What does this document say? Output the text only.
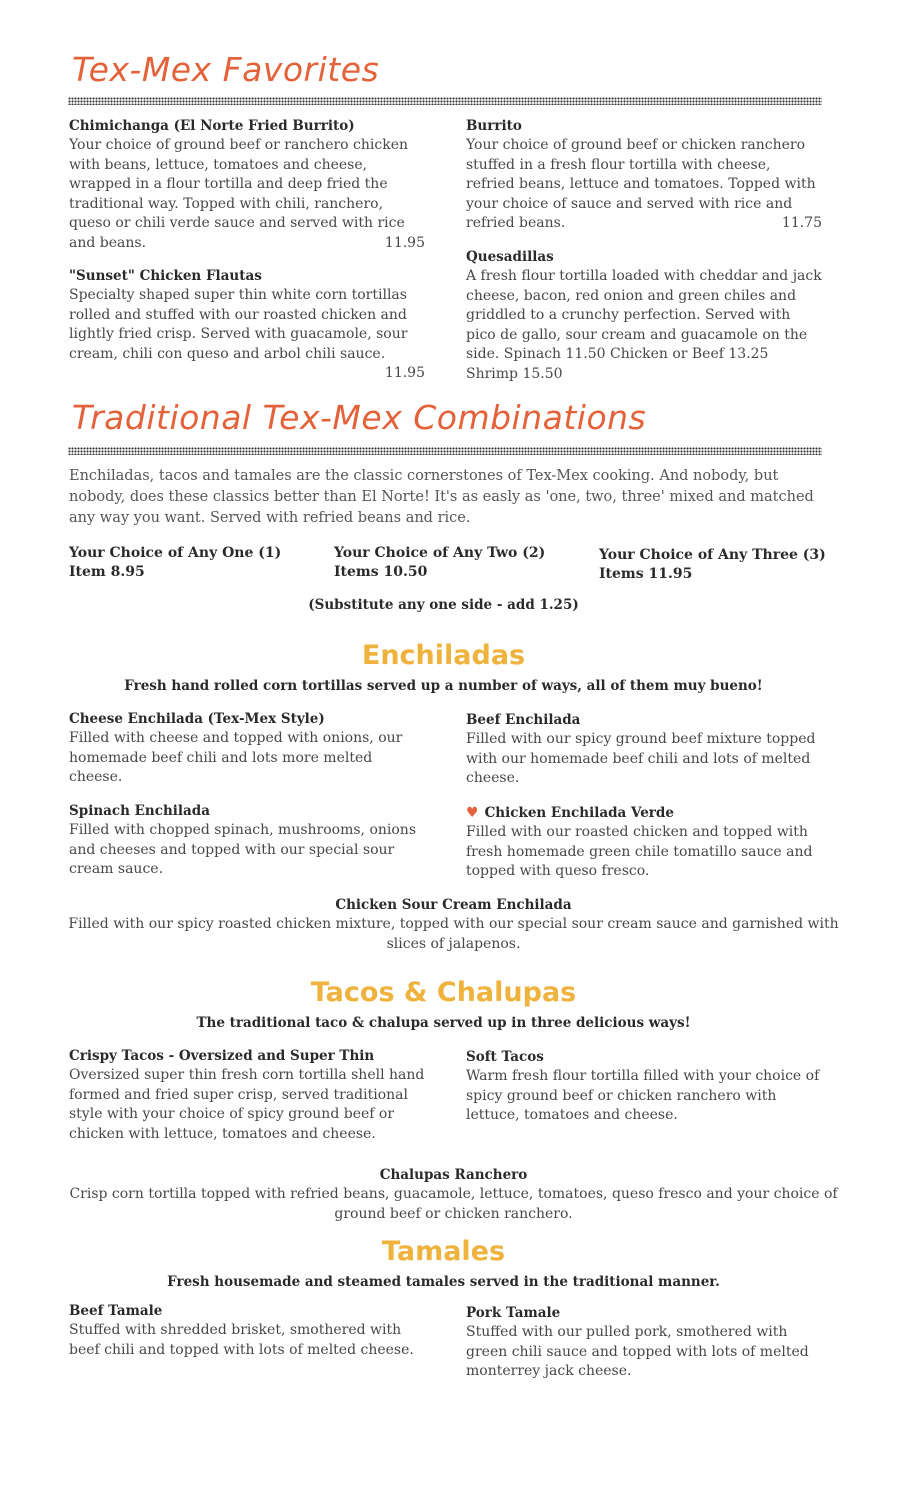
Tex-Mex Favorites

Chimichanga (El Norte Fried Burrito)

Your choice of ground beef or ranchero chicken with beans, lettuce, tomatoes and cheese, wrapped in a flour tortilla and deep fried the traditional way. Topped with chili, ranchero, queso or chili verde sauce and served with rice and beans.	11.95

"Sunset" Chicken Flautas

Specialty shaped super thin white corn tortillas rolled and stuffed with our roasted chicken and lightly fried crisp. Served with guacamole, sour cream, chili con queso and arbol chili sauce.
11.95

Burrito

Your choice of ground beef or chicken ranchero stuffed in a fresh flour tortilla with cheese, refried beans, lettuce and tomatoes. Topped with your choice of sauce and served with rice and refried beans.	11.75

Quesadillas

A fresh flour tortilla loaded with cheddar and jack cheese, bacon, red onion and green chiles and griddled to a crunchy perfection. Served with pico de gallo, sour cream and guacamole on the side. Spinach 11.50 Chicken or Beef 13.25 Shrimp 15.50

Traditional Tex-Mex Combinations

Enchiladas, tacos and tamales are the classic cornerstones of Tex-Mex cooking. And nobody, but nobody, does these classics better than El Norte! It's as easly as 'one, two, three' mixed and matched any way you want. Served with refried beans and rice.

Your Choice of Any One (1)
Item 8.95
Your Choice of Any Two (2)
Items 10.50
Your Choice of Any Three (3)
Items 11.95

(Substitute any one side - add 1.25)

Enchiladas

Fresh hand rolled corn tortillas served up a number of ways, all of them muy bueno!

Cheese Enchilada (Tex-Mex Style)

Filled with cheese and topped with onions, our homemade beef chili and lots more melted cheese.

Spinach Enchilada

Filled with chopped spinach, mushrooms, onions and cheeses and topped with our special sour cream sauce.

Beef Enchilada

Filled with our spicy ground beef mixture topped with our homemade beef chili and lots of melted cheese.

♥ Chicken Enchilada Verde

Filled with our roasted chicken and topped with fresh homemade green chile tomatillo sauce and topped with queso fresco.

Chicken Sour Cream Enchilada

Filled with our spicy roasted chicken mixture, topped with our special sour cream sauce and garnished with slices of jalapenos.

Tacos & Chalupas

The traditional taco & chalupa served up in three delicious ways!

Crispy Tacos - Oversized and Super Thin

Oversized super thin fresh corn tortilla shell hand formed and fried super crisp, served traditional style with your choice of spicy ground beef or chicken with lettuce, tomatoes and cheese.

Soft Tacos

Warm fresh flour tortilla filled with your choice of spicy ground beef or chicken ranchero with lettuce, tomatoes and cheese.

Chalupas Ranchero

Crisp corn tortilla topped with refried beans, guacamole, lettuce, tomatoes, queso fresco and your choice of ground beef or chicken ranchero.

Tamales

Fresh housemade and steamed tamales served in the traditional manner.

Beef Tamale

Stuffed with shredded brisket, smothered with beef chili and topped with lots of melted cheese.

Pork Tamale

Stuffed with our pulled pork, smothered with green chili sauce and topped with lots of melted monterrey jack cheese.
